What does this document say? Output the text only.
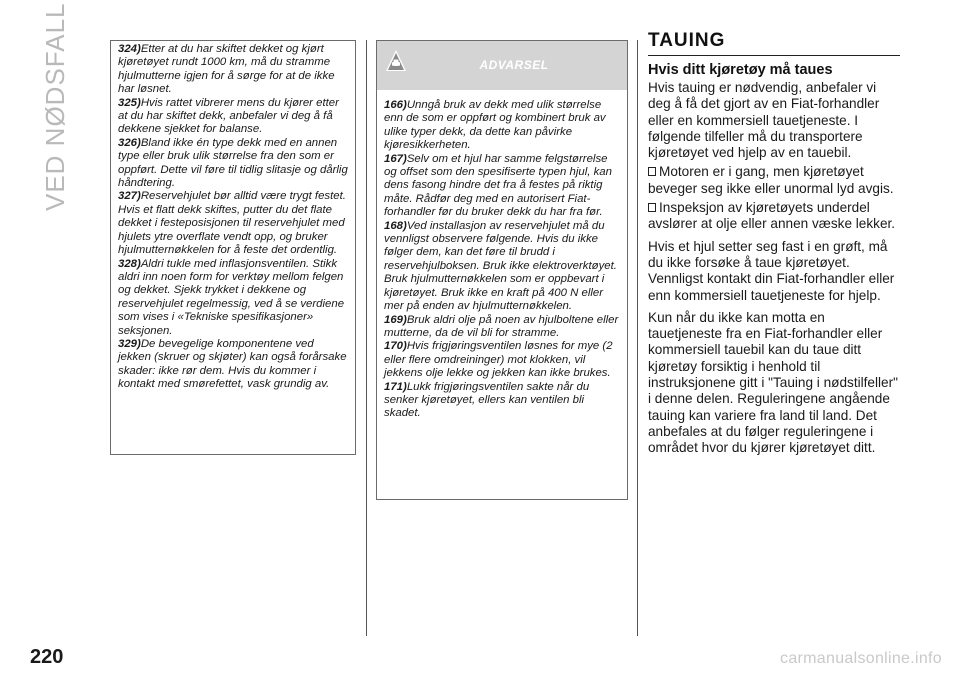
VED NØDSFALL
220

324)Etter at du har skiftet dekket og kjørt kjøretøyet rundt 1000 km, må du stramme hjulmutterne igjen for å sørge for at de ikke har løsnet.

325)Hvis rattet vibrerer mens du kjører etter at du har skiftet dekk, anbefaler vi deg å få dekkene sjekket for balanse.

326)Bland ikke én type dekk med en annen type eller bruk ulik størrelse fra den som er oppført. Dette vil føre til tidlig slitasje og dårlig håndtering.

327)Reservehjulet bør alltid være trygt festet. Hvis et flatt dekk skiftes, putter du det flate dekket i festeposisjonen til reservehjulet med hjulets ytre overflate vendt opp, og bruker hjulmutternøkkelen for å feste det ordentlig.

328)Aldri tukle med inflasjonsventilen. Stikk aldri inn noen form for verktøy mellom felgen og dekket. Sjekk trykket i dekkene og reservehjulet regelmessig, ved å se verdiene som vises i «Tekniske spesifikasjoner» seksjonen.

329)De bevegelige komponentene ved jekken (skruer og skjøter) kan også forårsake skader: ikke rør dem. Hvis du kommer i kontakt med smørefettet, vask grundig av.

ADVARSEL

166)Unngå bruk av dekk med ulik størrelse enn de som er oppført og kombinert bruk av ulike typer dekk, da dette kan påvirke kjøresikkerheten.

167)Selv om et hjul har samme felgstørrelse og offset som den spesifiserte typen hjul, kan dens fasong hindre det fra å festes på riktig måte. Rådfør deg med en autorisert Fiat-forhandler før du bruker dekk du har fra før.

168)Ved installasjon av reservehjulet må du vennligst observere følgende. Hvis du ikke følger dem, kan det føre til brudd i reservehjulboksen. Bruk ikke elektroverktøyet. Bruk hjulmutternøkkelen som er oppbevart i kjøretøyet. Bruk ikke en kraft på 400 N eller mer på enden av hjulmutternøkkelen.

169)Bruk aldri olje på noen av hjulboltene eller mutterne, da de vil bli for stramme.

170)Hvis frigjøringsventilen løsnes for mye (2 eller flere omdreininger) mot klokken, vil jekkens olje lekke og jekken kan ikke brukes.

171)Lukk frigjøringsventilen sakte når du senker kjøretøyet, ellers kan ventilen bli skadet.

TAUING
Hvis ditt kjøretøy må taues

Hvis tauing er nødvendig, anbefaler vi deg å få det gjort av en Fiat-forhandler eller en kommersiell tauetjeneste. I følgende tilfeller må du transportere kjøretøyet ved hjelp av en tauebil.

Motoren er i gang, men kjøretøyet beveger seg ikke eller unormal lyd avgis.

Inspeksjon av kjøretøyets underdel avslører at olje eller annen væske lekker.

Hvis et hjul setter seg fast i en grøft, må du ikke forsøke å taue kjøretøyet. Vennligst kontakt din Fiat-forhandler eller enn kommersiell tauetjeneste for hjelp.

Kun når du ikke kan motta en tauetjeneste fra en Fiat-forhandler eller kommersiell tauebil kan du taue ditt kjøretøy forsiktig i henhold til instruksjonene gitt i "Tauing i nødstilfeller" i denne delen. Reguleringene angående tauing kan variere fra land til land. Det anbefales at du følger reguleringene i området hvor du kjører kjøretøyet ditt.

carmanualsonline.info
